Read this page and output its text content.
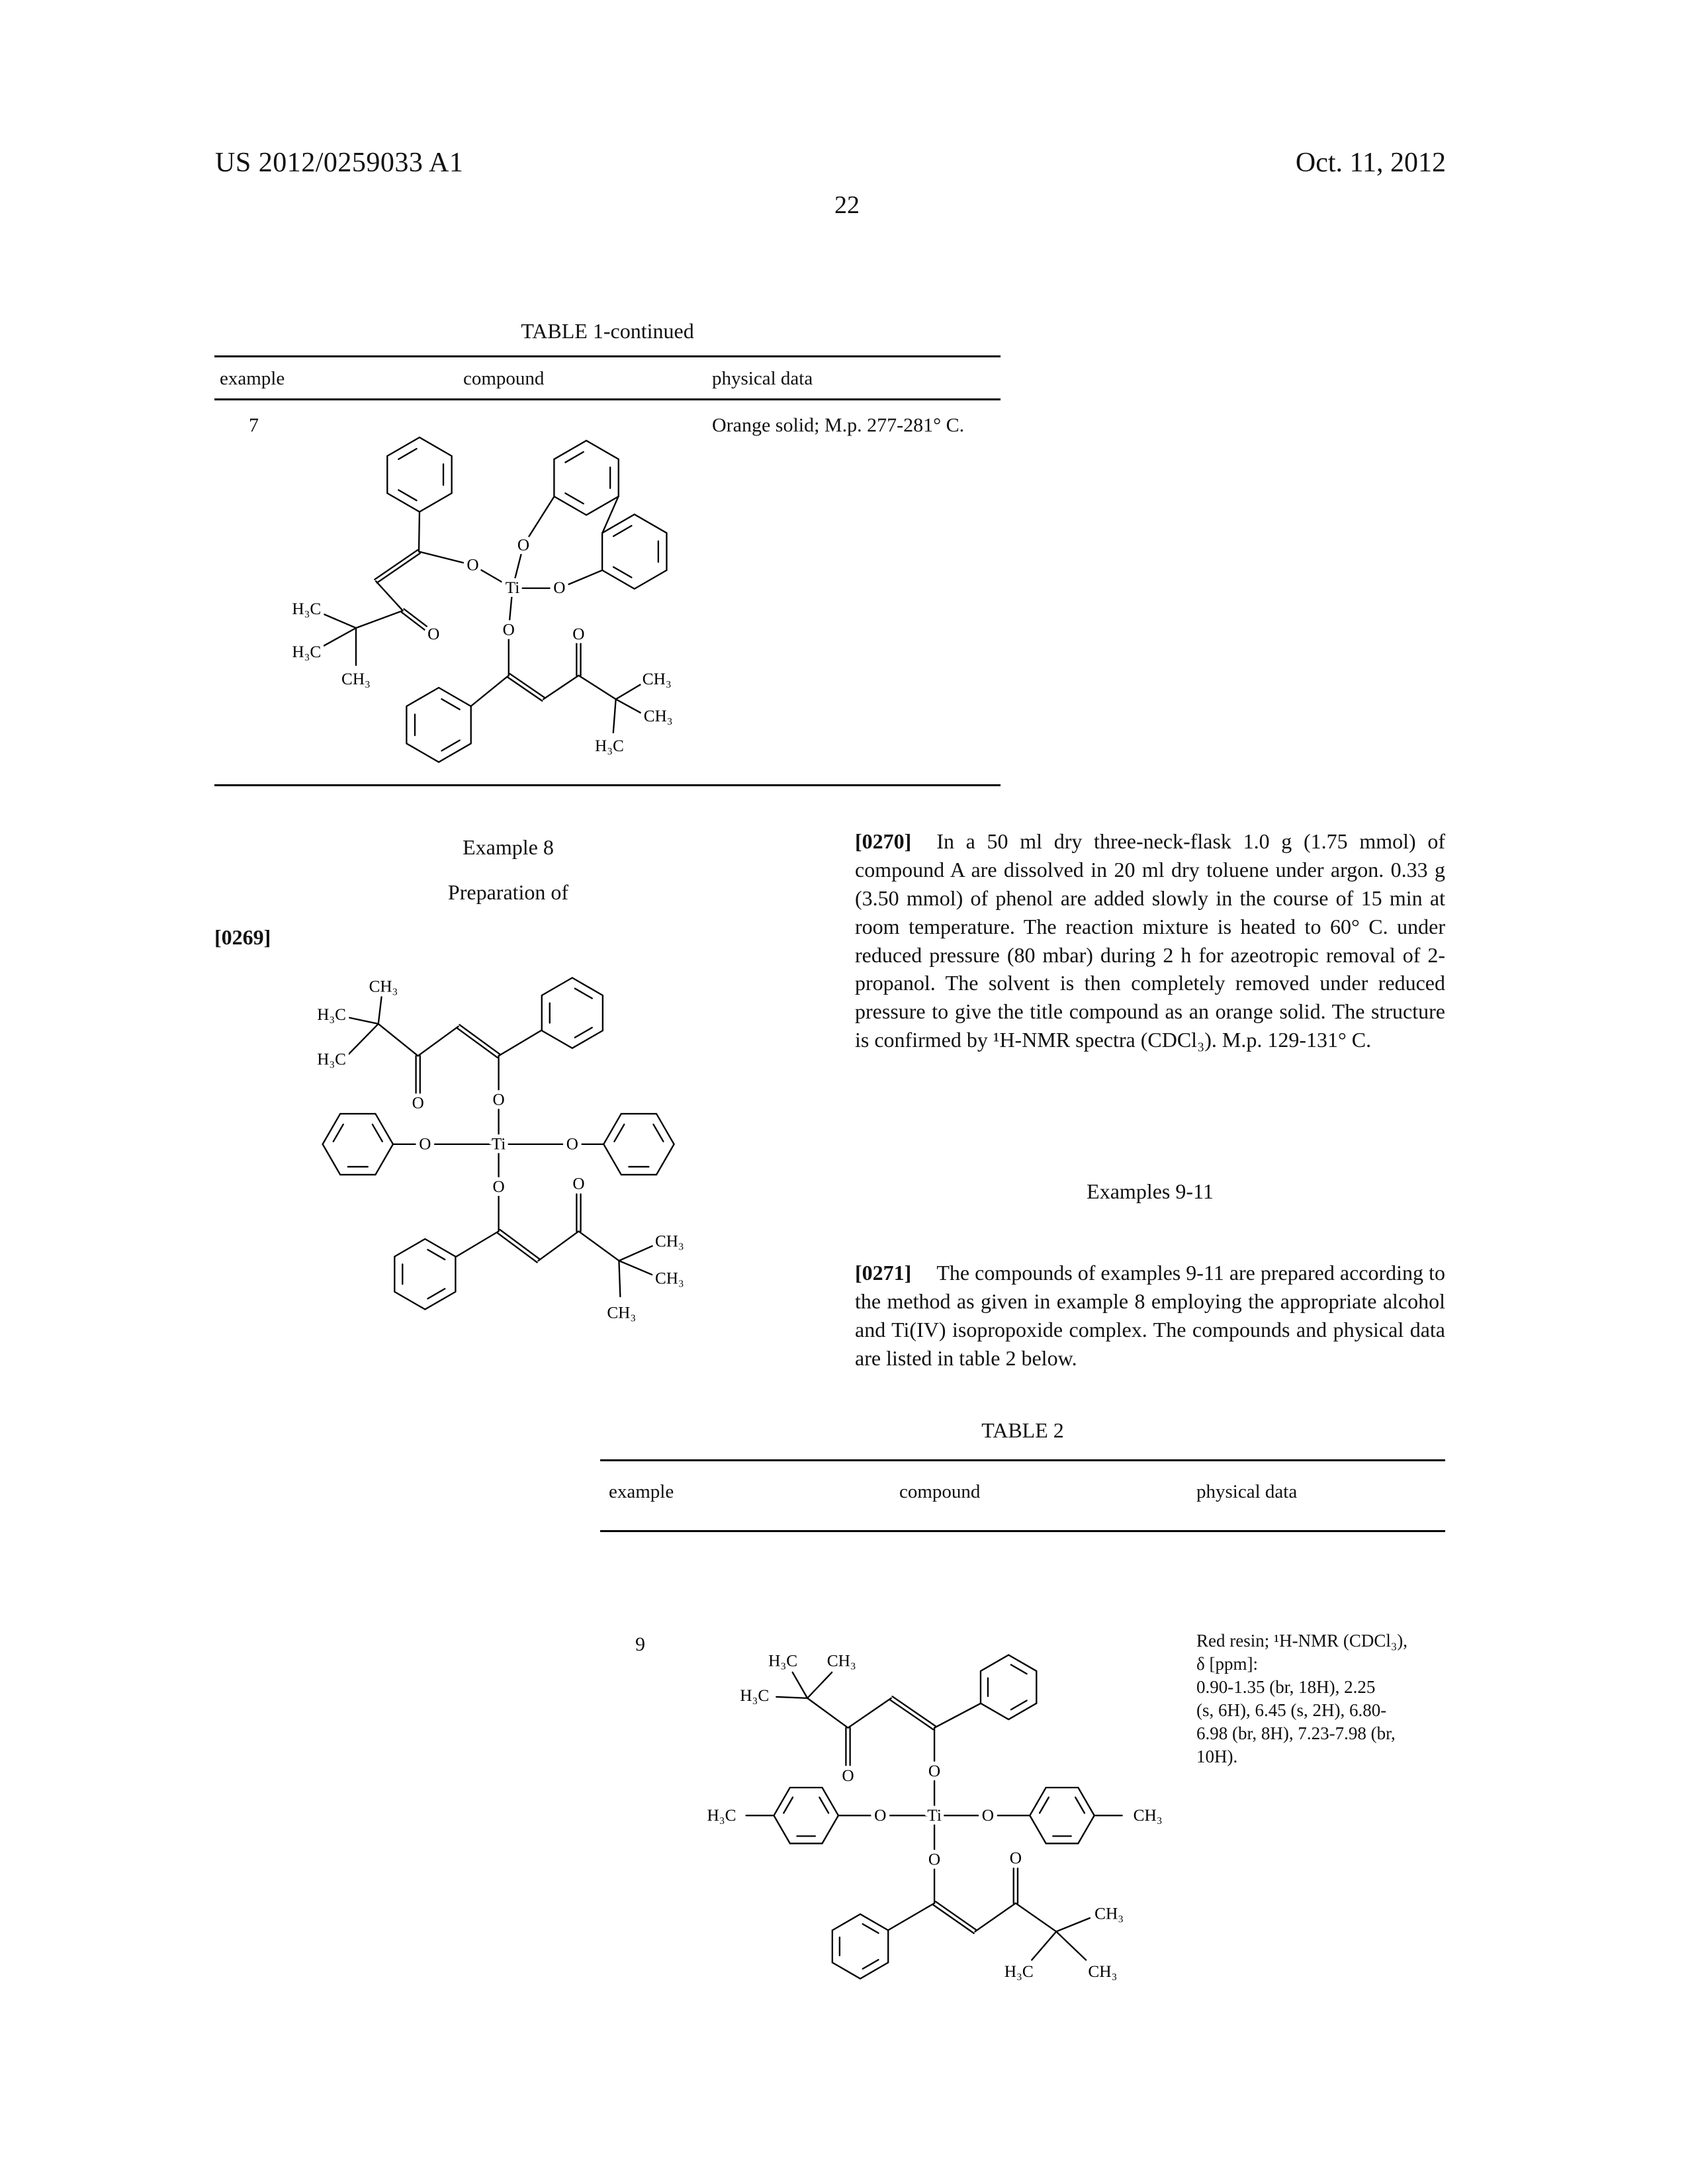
US 2012/0259033 A1	Oct. 11, 2012
22
TABLE 1-continued
example	compound	physical data
7	Orange solid; M.p. 277-281° C.
O
Ti
O
O
O
O	O
H₃C
H₃C
CH₃	CH₃
CH₃
H₃C
Example 8
Preparation of
[0269]
O
Ti
O	O
O
O
O
CH₃
H₃C
H₃C
CH₃
CH₃
CH₃
[0270] In a 50 ml dry three-neck-flask 1.0 g (1.75 mmol) of compound A are dissolved in 20 ml dry toluene under argon. 0.33 g (3.50 mmol) of phenol are added slowly in the course of 15 min at room temperature. The reaction mixture is heated to 60° C. under reduced pressure (80 mbar) during 2 h for azeotropic removal of 2-propanol. The solvent is then completely removed under reduced pressure to give the title compound as an orange solid. The structure is confirmed by ¹H-NMR spectra (CDCl₃). M.p. 129-131° C.
Examples 9-11
[0271] The compounds of examples 9-11 are prepared according to the method as given in example 8 employing the appropriate alcohol and Ti(IV) isopropoxide complex. The compounds and physical data are listed in table 2 below.
TABLE 2
example	compound	physical data
9
H₃C	CH₃
O Ti O
O
O
O	O
H₃C CH₃
H₃C
CH₃
H₃C	CH₃
Red resin; ¹H-NMR (CDCl₃),
δ [ppm]:
0.90-1.35 (br, 18H), 2.25
(s, 6H), 6.45 (s, 2H), 6.80-
6.98 (br, 8H), 7.23-7.98 (br,
10H).
